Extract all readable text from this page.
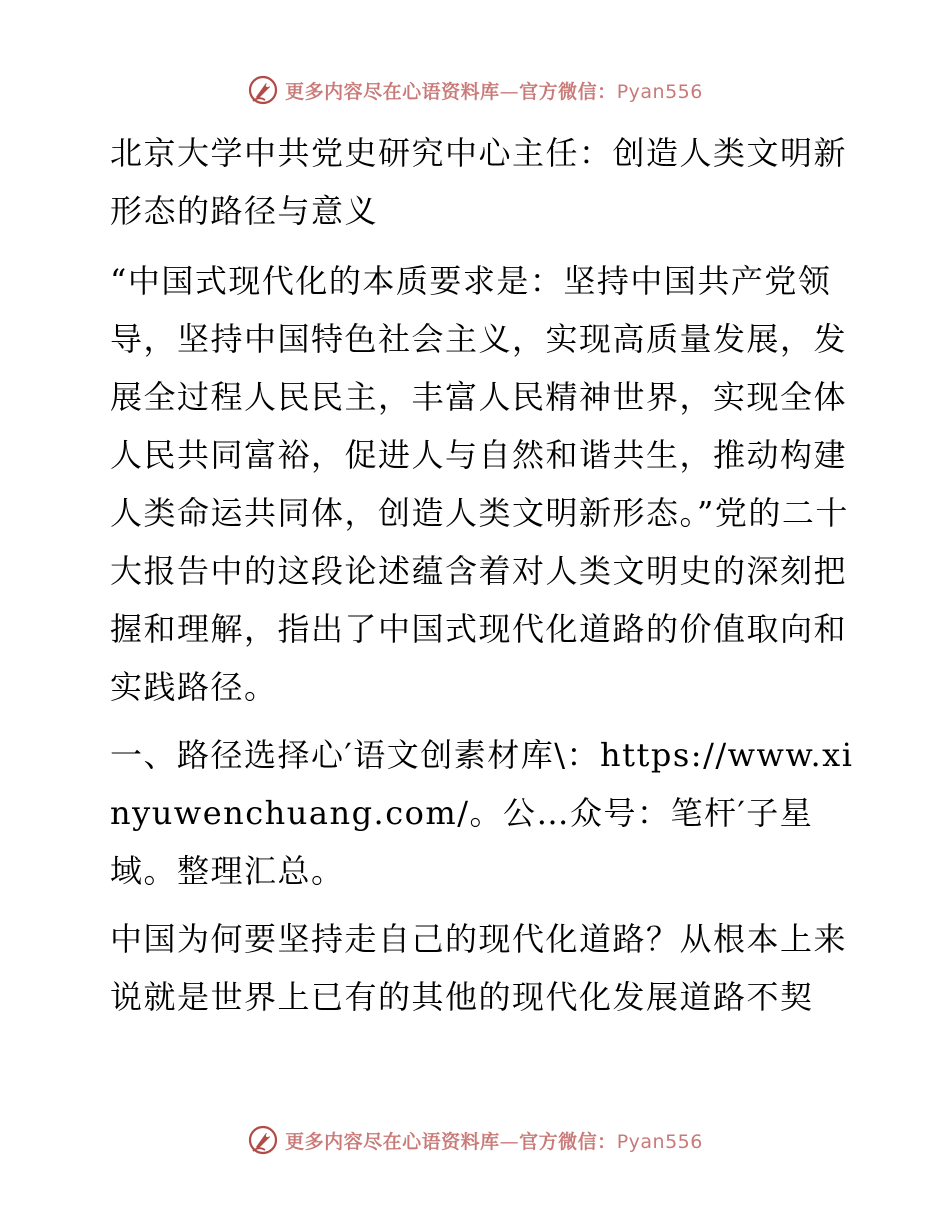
更多内容尽在心语资料库—官方微信：Pyan556

北京大学中共党史研究中心主任：创造人类文明新形态的路径与意义

“中国式现代化的本质要求是：坚持中国共产党领导，坚持中国特色社会主义，实现高质量发展，发展全过程人民民主，丰富人民精神世界，实现全体人民共同富裕，促进人与自然和谐共生，推动构建人类命运共同体，创造人类文明新形态。”党的二十大报告中的这段论述蕴含着对人类文明史的深刻把握和理解，指出了中国式现代化道路的价值取向和实践路径。

一、路径选择心′语文创素材库\：https://www.xinyuwenchuang.com/。公…众号：笔杆′子星域。整理汇总。

中国为何要坚持走自己的现代化道路？从根本上来说就是世界上已有的其他的现代化发展道路不契

更多内容尽在心语资料库—官方微信：Pyan556
